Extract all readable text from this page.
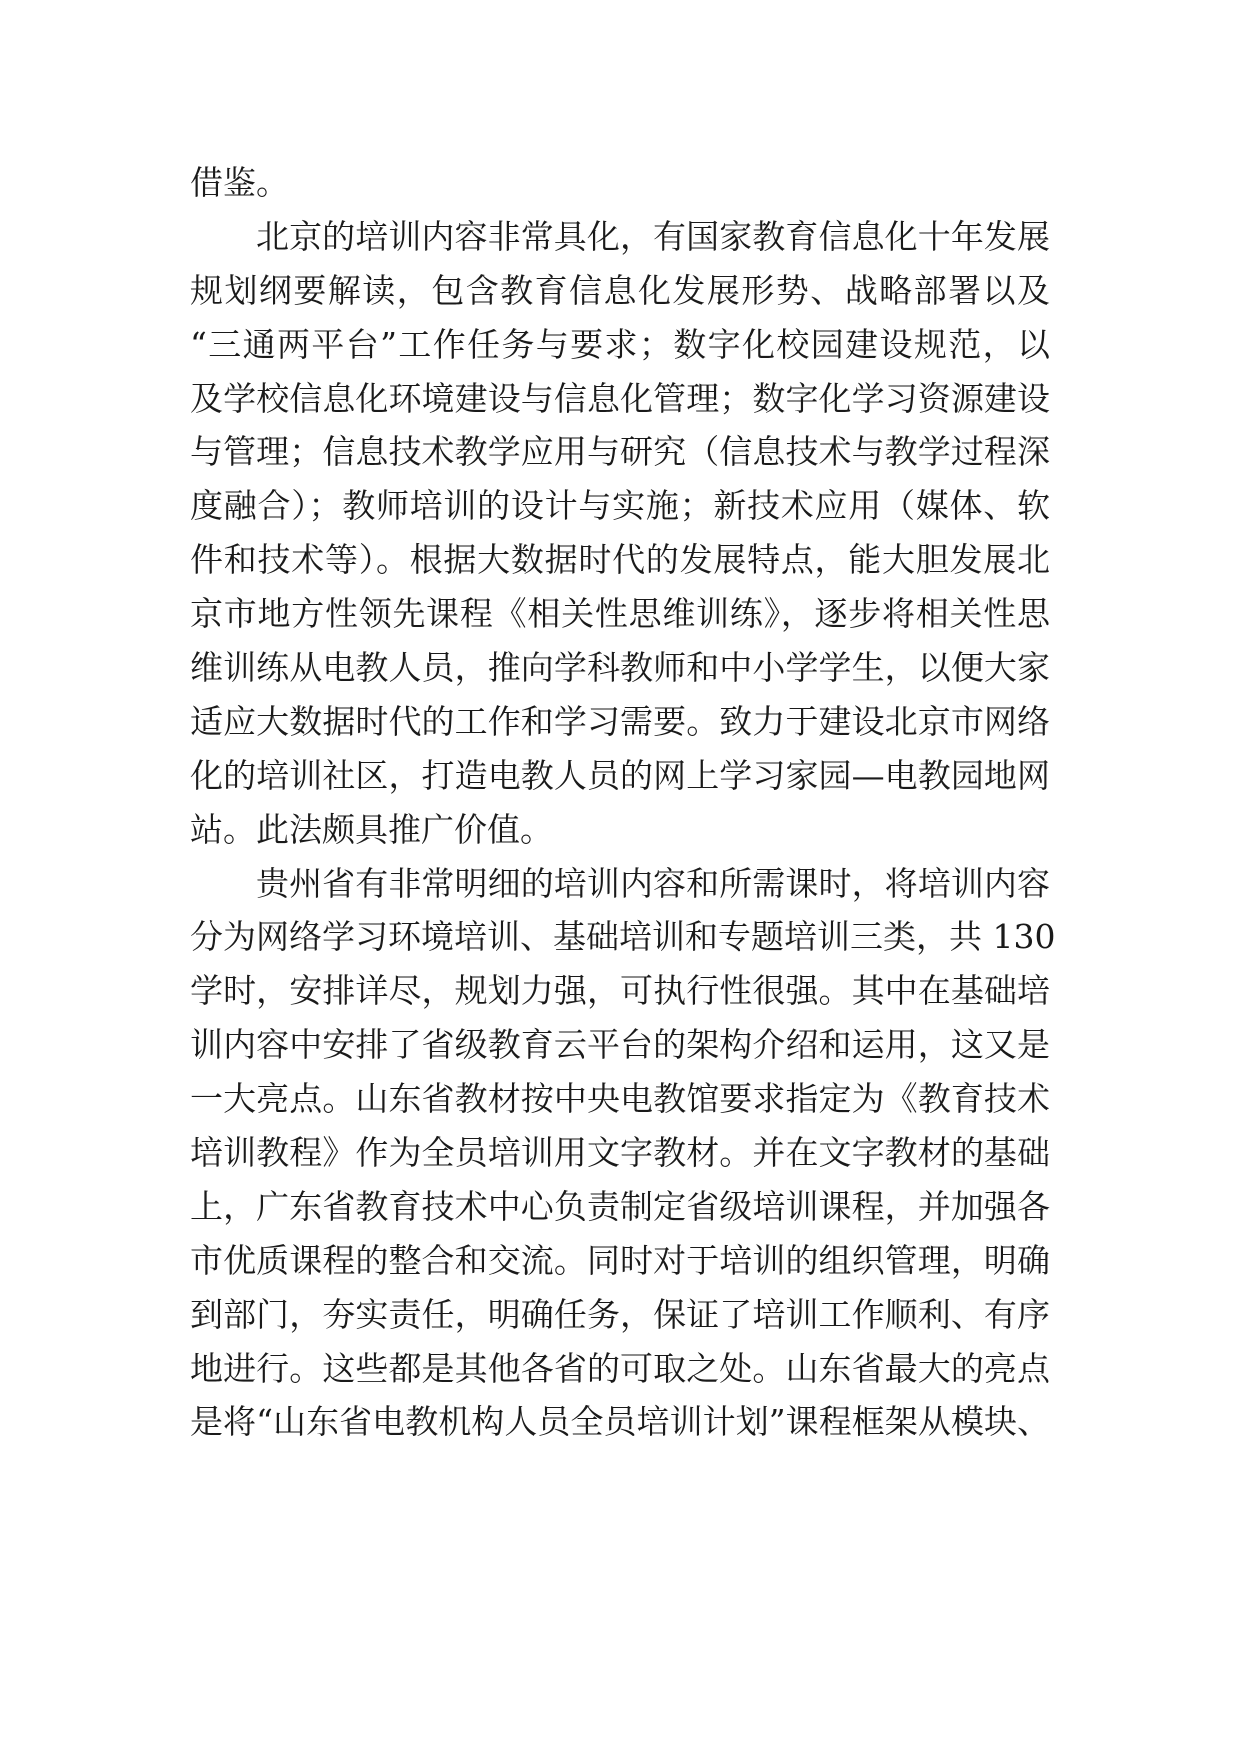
借鉴。
北京的培训内容非常具化，有国家教育信息化十年发展
规划纲要解读，包含教育信息化发展形势、战略部署以及
“三通两平台”工作任务与要求；数字化校园建设规范，以
及学校信息化环境建设与信息化管理；数字化学习资源建设
与管理；信息技术教学应用与研究（信息技术与教学过程深
度融合）；教师培训的设计与实施；新技术应用（媒体、软
件和技术等）。根据大数据时代的发展特点，能大胆发展北
京市地方性领先课程《相关性思维训练》，逐步将相关性思
维训练从电教人员，推向学科教师和中小学学生，以便大家
适应大数据时代的工作和学习需要。致力于建设北京市网络
化的培训社区，打造电教人员的网上学习家园—电教园地网
站。此法颇具推广价值。
贵州省有非常明细的培训内容和所需课时，将培训内容
分为网络学习环境培训、基础培训和专题培训三类，共 130
学时，安排详尽，规划力强，可执行性很强。其中在基础培
训内容中安排了省级教育云平台的架构介绍和运用，这又是
一大亮点。山东省教材按中央电教馆要求指定为《教育技术
培训教程》作为全员培训用文字教材。并在文字教材的基础
上，广东省教育技术中心负责制定省级培训课程，并加强各
市优质课程的整合和交流。同时对于培训的组织管理，明确
到部门，夯实责任，明确任务，保证了培训工作顺利、有序
地进行。这些都是其他各省的可取之处。山东省最大的亮点
是将“山东省电教机构人员全员培训计划”课程框架从模块、
